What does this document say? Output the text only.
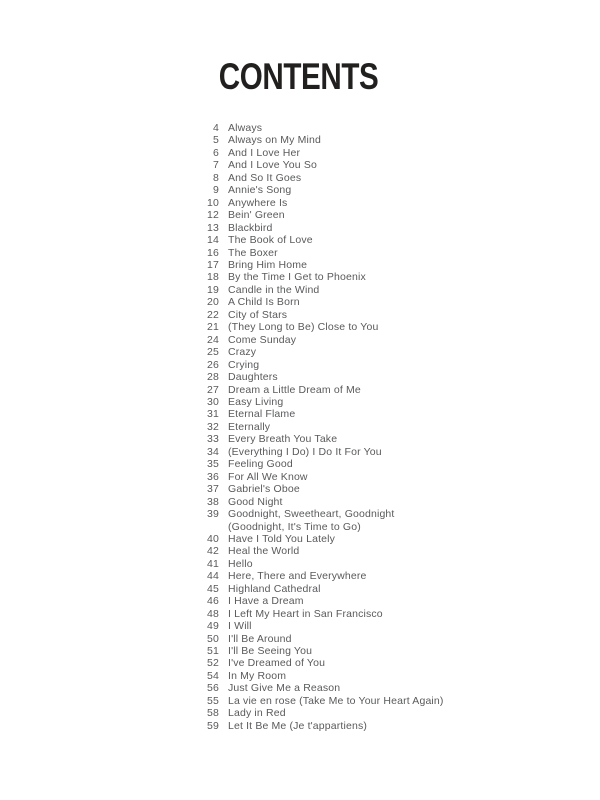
CONTENTS
4 Always
5 Always on My Mind
6 And I Love Her
7 And I Love You So
8 And So It Goes
9 Annie's Song
10 Anywhere Is
12 Bein' Green
13 Blackbird
14 The Book of Love
16 The Boxer
17 Bring Him Home
18 By the Time I Get to Phoenix
19 Candle in the Wind
20 A Child Is Born
22 City of Stars
21 (They Long to Be) Close to You
24 Come Sunday
25 Crazy
26 Crying
28 Daughters
27 Dream a Little Dream of Me
30 Easy Living
31 Eternal Flame
32 Eternally
33 Every Breath You Take
34 (Everything I Do) I Do It For You
35 Feeling Good
36 For All We Know
37 Gabriel's Oboe
38 Good Night
39 Goodnight, Sweetheart, Goodnight
(Goodnight, It's Time to Go)
40 Have I Told You Lately
42 Heal the World
41 Hello
44 Here, There and Everywhere
45 Highland Cathedral
46 I Have a Dream
48 I Left My Heart in San Francisco
49 I Will
50 I'll Be Around
51 I'll Be Seeing You
52 I've Dreamed of You
54 In My Room
56 Just Give Me a Reason
55 La vie en rose (Take Me to Your Heart Again)
58 Lady in Red
59 Let It Be Me (Je t'appartiens)
